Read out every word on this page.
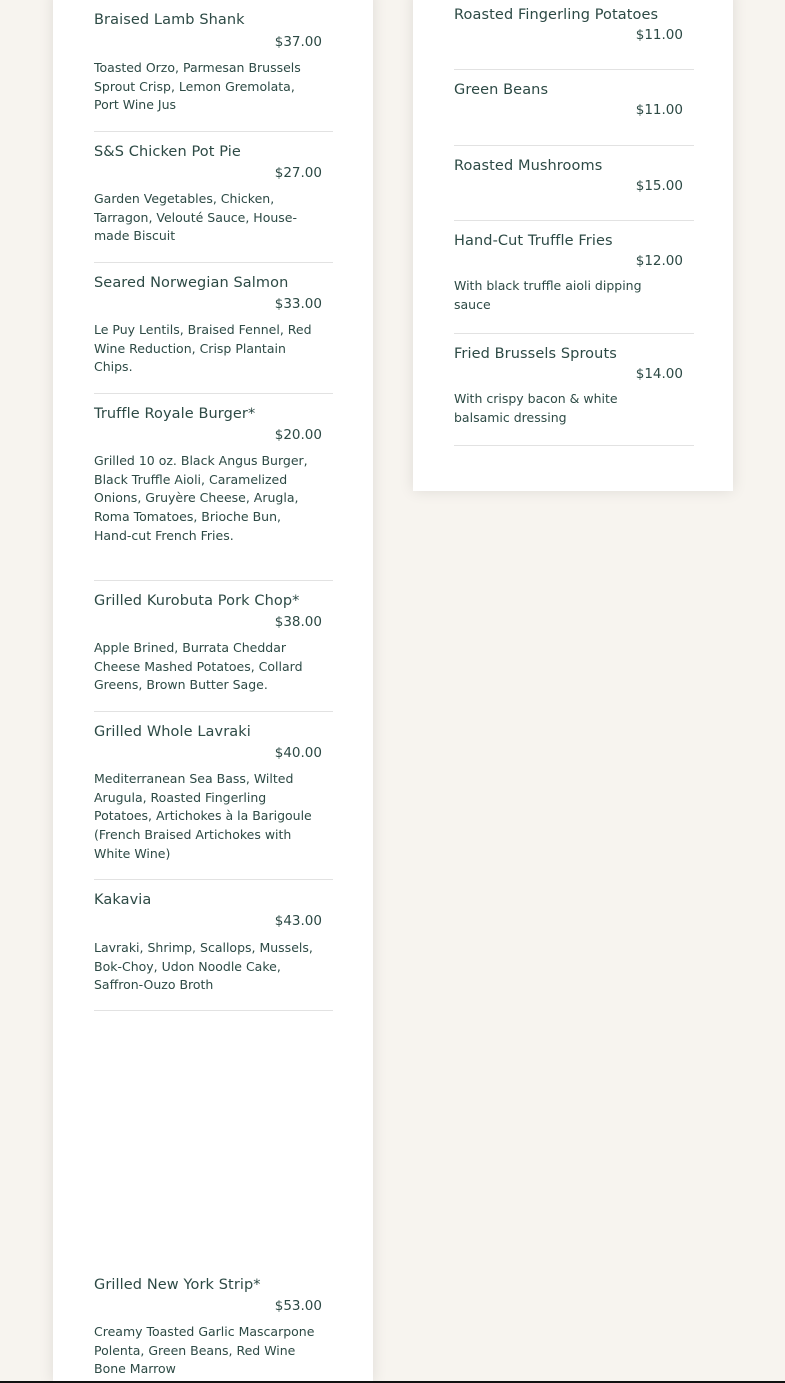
Braised Lamb Shank
$37.00
Toasted Orzo, Parmesan Brussels Sprout Crisp, Lemon Gremolata, Port Wine Jus
S&S Chicken Pot Pie
$27.00
Garden Vegetables, Chicken, Tarragon, Velouté Sauce, House-made Biscuit
Seared Norwegian Salmon
$33.00
Le Puy Lentils, Braised Fennel, Red Wine Reduction, Crisp Plantain Chips.
Truffle Royale Burger*
$20.00
Grilled 10 oz. Black Angus Burger, Black Truffle Aioli, Caramelized Onions, Gruyère Cheese, Arugla, Roma Tomatoes, Brioche Bun, Hand-cut French Fries.
Grilled Kurobuta Pork Chop*
$38.00
Apple Brined, Burrata Cheddar Cheese Mashed Potatoes, Collard Greens, Brown Butter Sage.
Grilled Whole Lavraki
$40.00
Mediterranean Sea Bass, Wilted Arugula, Roasted Fingerling Potatoes, Artichokes à la Barigoule (French Braised Artichokes with White Wine)
Kakavia
$43.00
Lavraki, Shrimp, Scallops, Mussels, Bok-Choy, Udon Noodle Cake, Saffron-Ouzo Broth
Grilled New York Strip*
$53.00
Creamy Toasted Garlic Mascarpone Polenta, Green Beans, Red Wine Bone Marrow
Roasted Fingerling Potatoes
$11.00
Green Beans
$11.00
Roasted Mushrooms
$15.00
Hand-Cut Truffle Fries
$12.00
With black truffle aioli dipping sauce
Fried Brussels Sprouts
$14.00
With crispy bacon & white balsamic dressing
